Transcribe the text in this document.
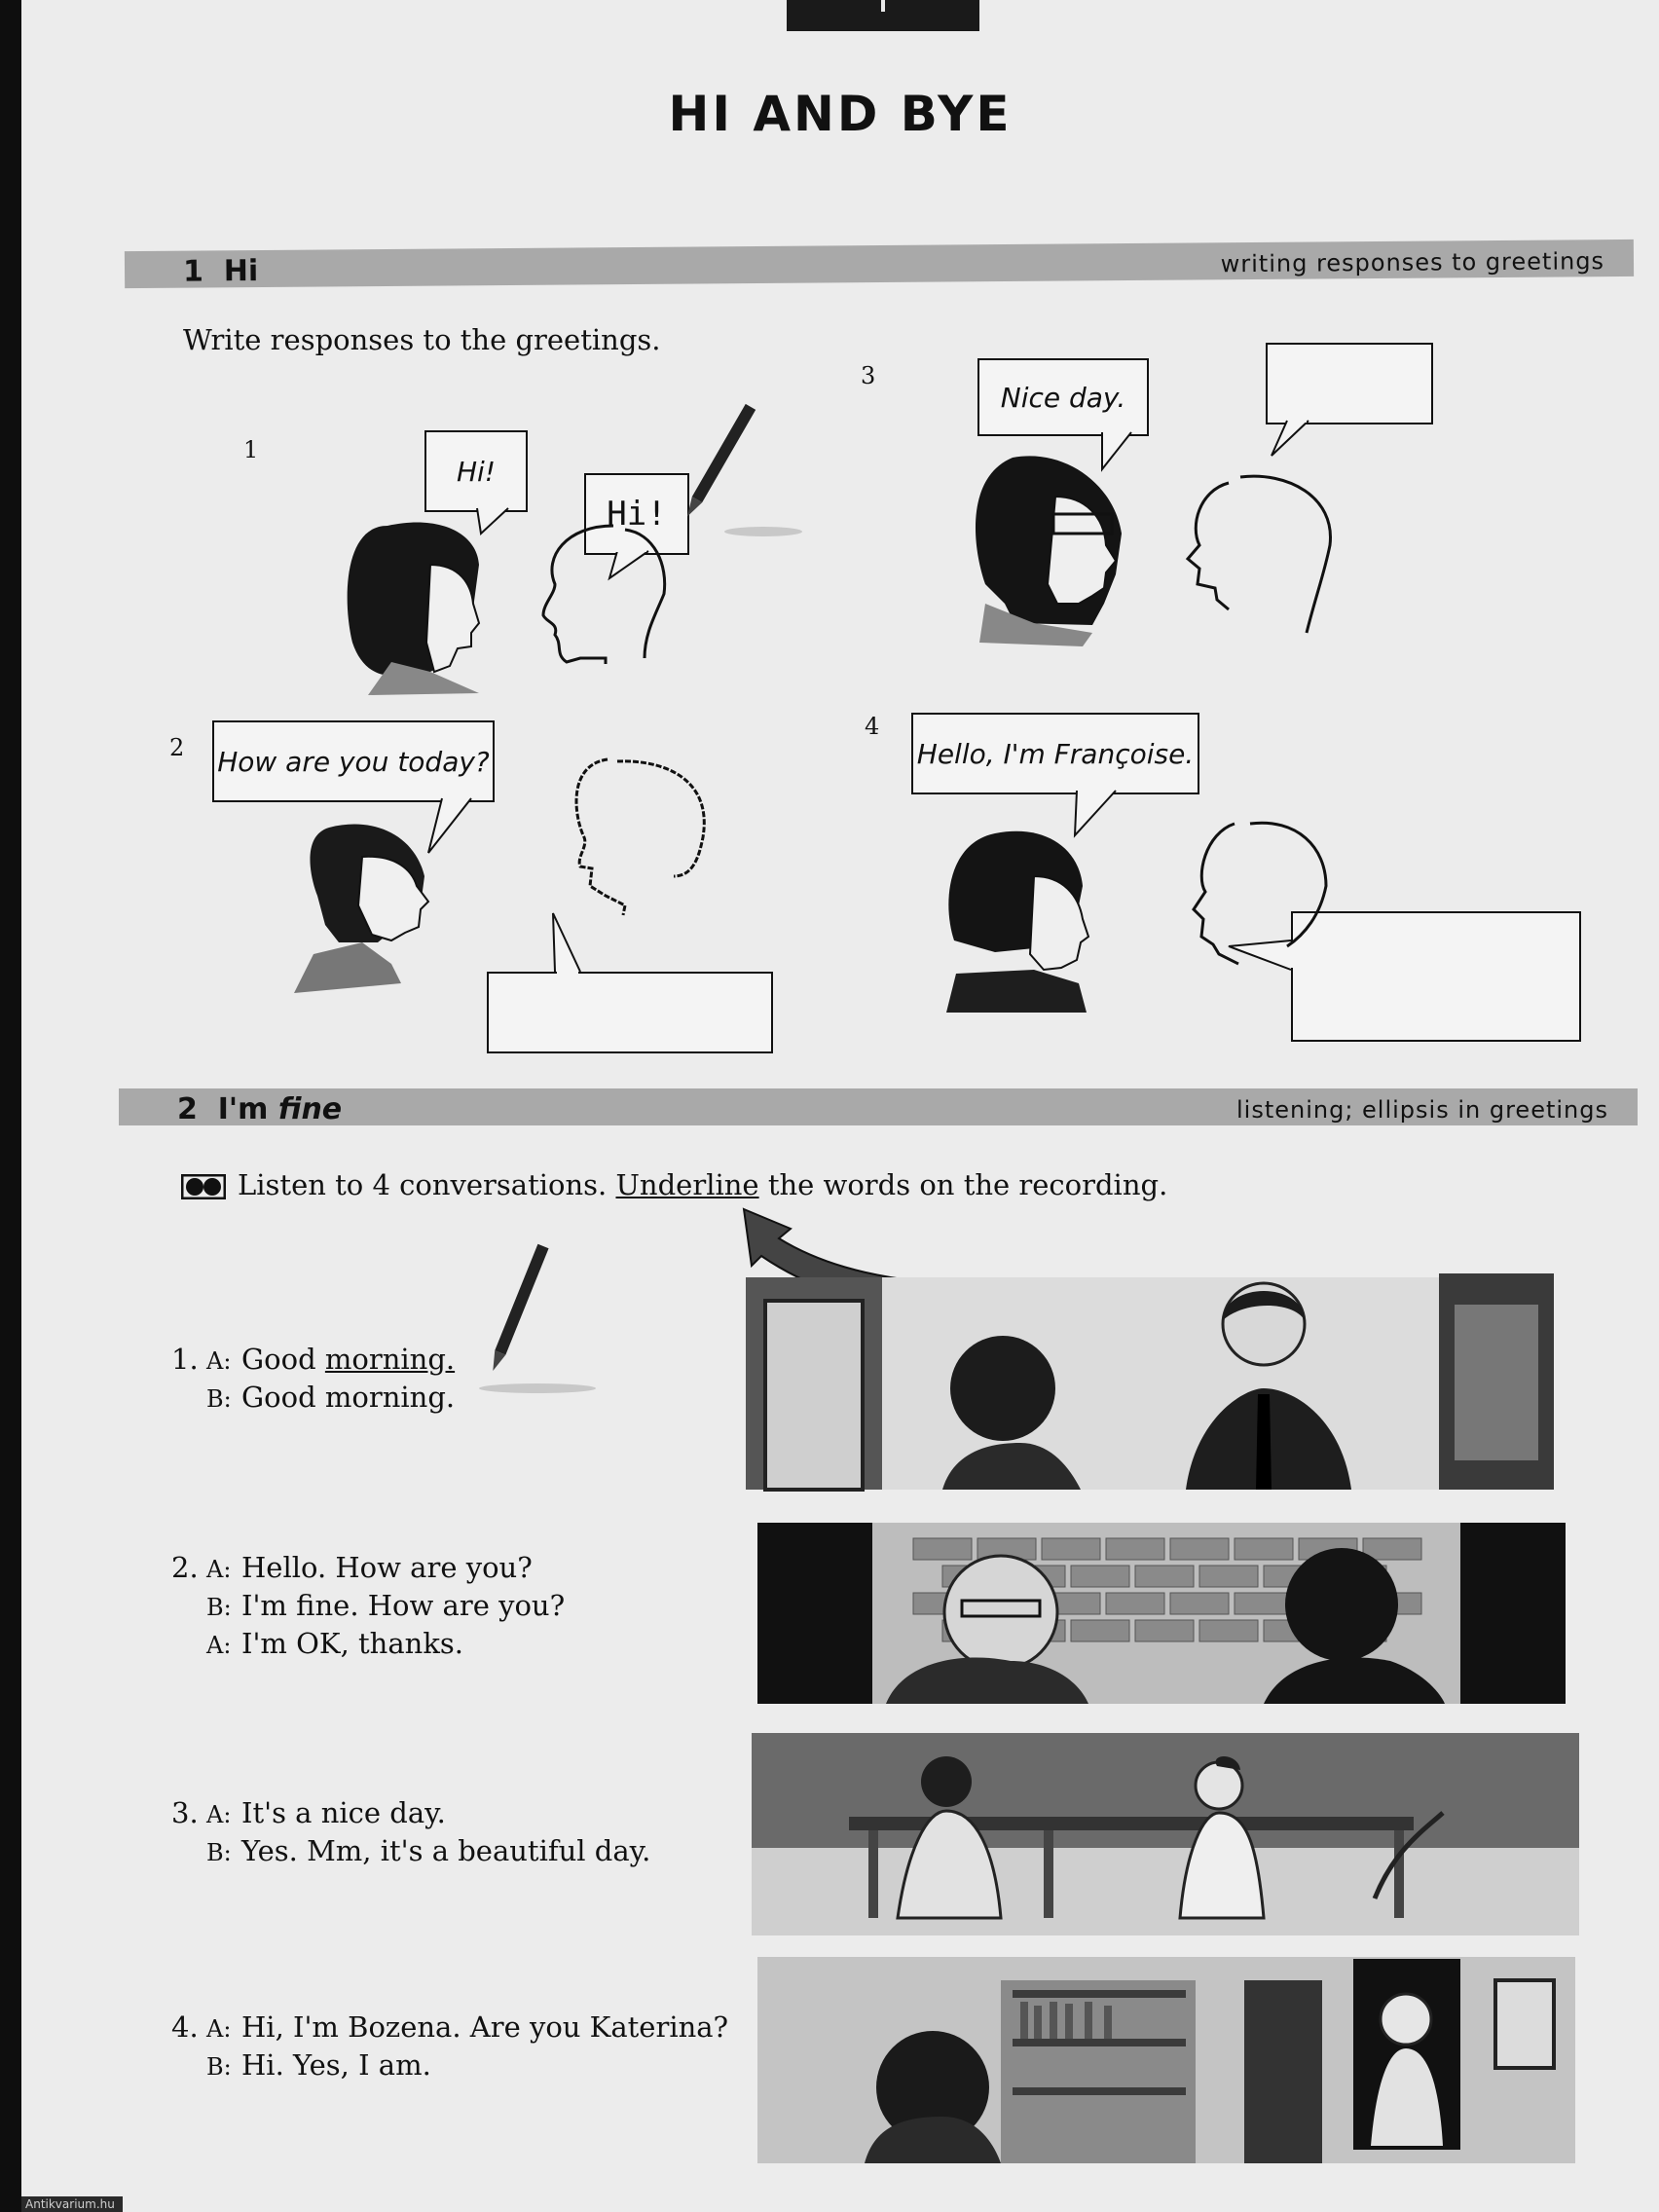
HI AND BYE
1 Hi	writing responses to greetings
Write responses to the greetings.
1
2
3
4
Hi!
Hi!
How are you today?
Nice day.
Hello, I'm Françoise.
2 I'm fine	listening; ellipsis in greetings
Listen to 4 conversations. Underline the words on the recording.
1. A: Good morning.
B: Good morning.
2. A: Hello. How are you?
B: I'm fine. How are you?
A: I'm OK, thanks.
3. A: It's a nice day.
B: Yes. Mm, it's a beautiful day.
4. A: Hi, I'm Bozena. Are you Katerina?
B: Hi. Yes, I am.
Antikvarium.hu
